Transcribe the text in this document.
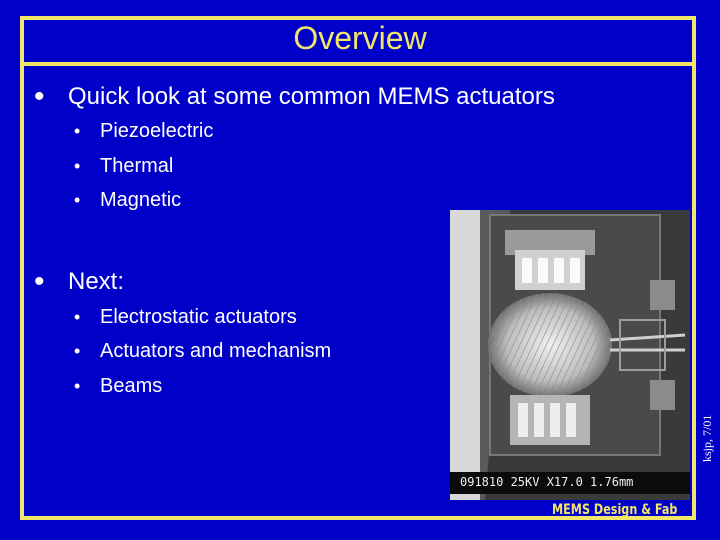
Overview
• Quick look at some common MEMS actuators
• Piezoelectric
• Thermal
• Magnetic
• Next:
• Electrostatic actuators
• Actuators and mechanism
• Beams
091810 25KV X17.0 1.76mm
MEMS Design & Fab
ksjp, 7/01
